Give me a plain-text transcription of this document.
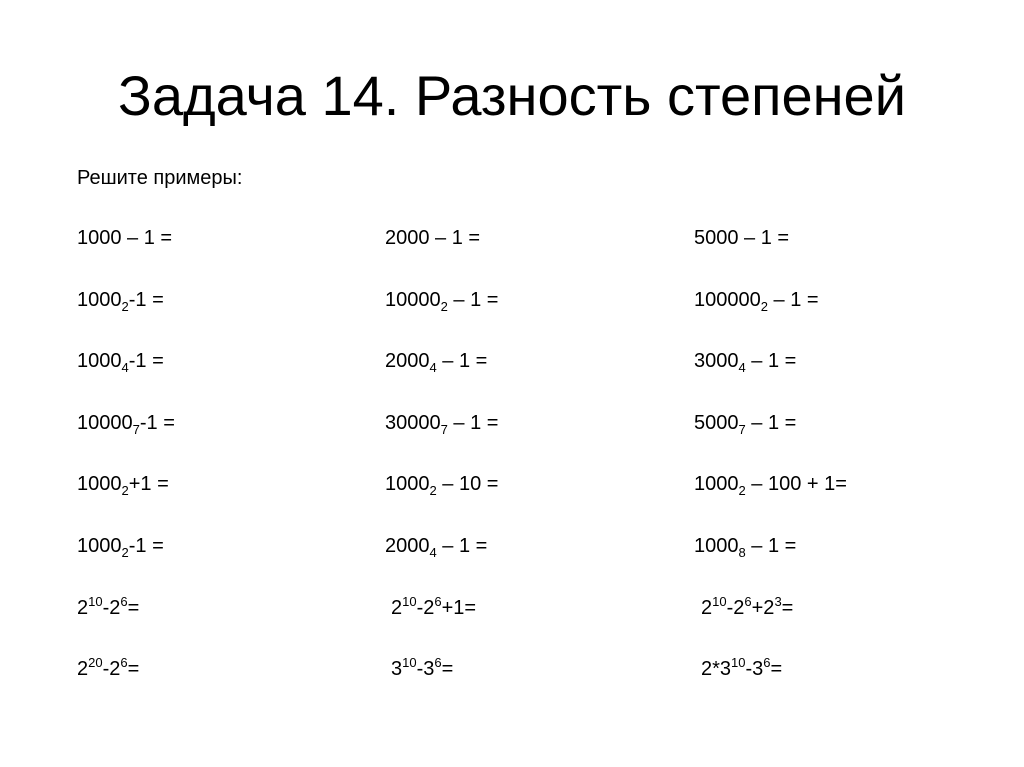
Задача 14. Разность степеней
Решите примеры:
1000 – 1 =	2000 – 1 =	5000 – 1 =
$1000_2-1$ =	$10000_2 - 1$ =	$100000_2 - 1$ =
$1000_4-1$ =	$2000_4 - 1$ =	$3000_4 - 1$ =
$10000_7-1$ =	$30000_7 - 1$ =	$5000_7 - 1$ =
$1000_2+1$ =	$1000_2 - 10$ =	$1000_2 - 100 + 1=$
$1000_2-1$ =	$2000_4 - 1$ =	$1000_8 - 1$ =
$2^{10}-2^6=$	$2^{10}-2^6+1=$	$2^{10}-2^6+2^3=$
$2^{20}-2^6=$	$3^{10}-3^6=$	$2*3^{10}-3^6=$
